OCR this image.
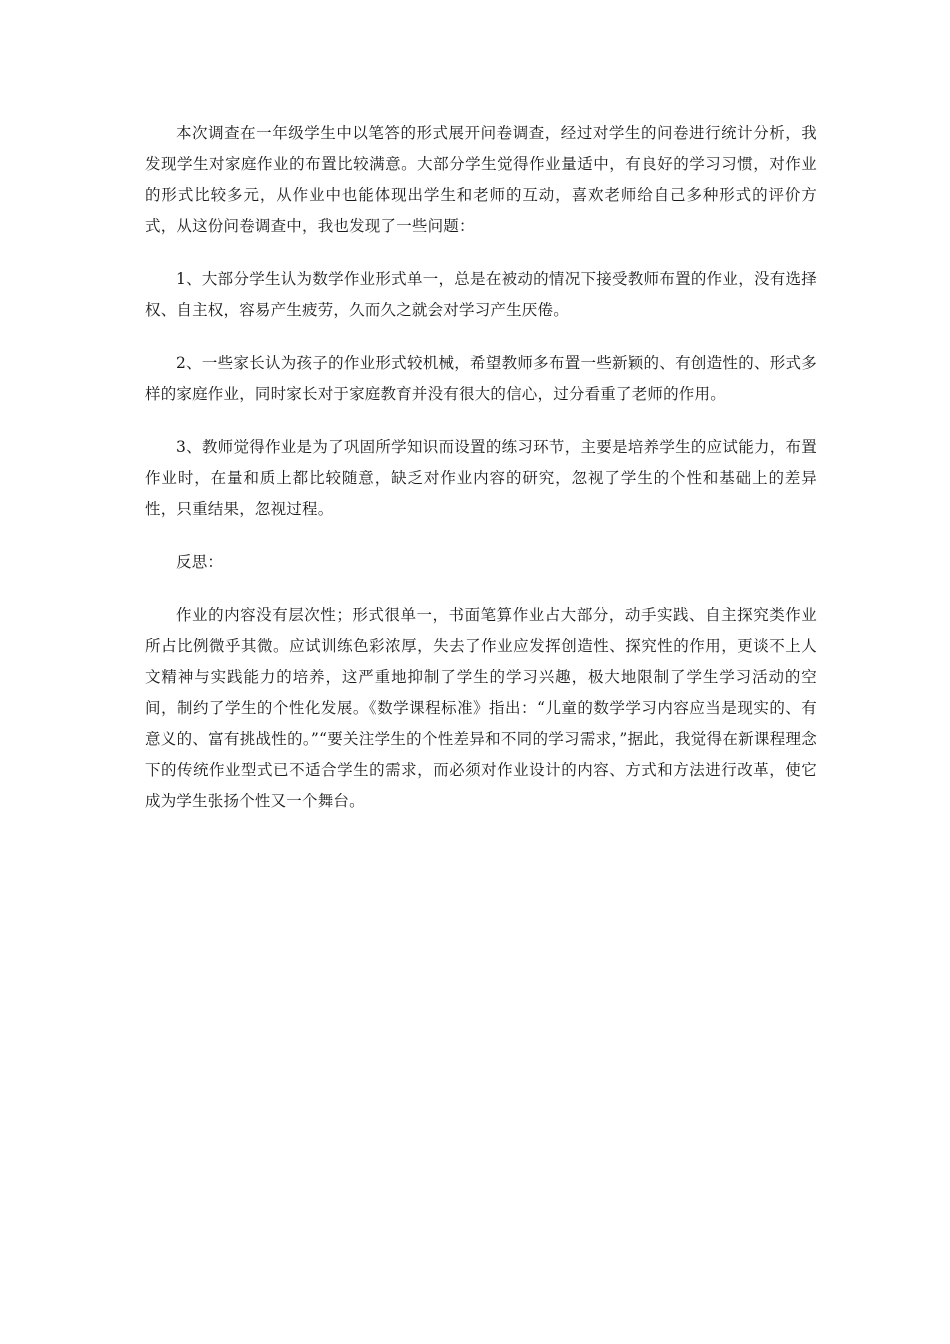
本次调查在一年级学生中以笔答的形式展开问卷调查，经过对学生的问卷进行统计分析，我发现学生对家庭作业的布置比较满意。大部分学生觉得作业量适中，有良好的学习习惯，对作业的形式比较多元，从作业中也能体现出学生和老师的互动，喜欢老师给自己多种形式的评价方式，从这份问卷调查中，我也发现了一些问题：

1、大部分学生认为数学作业形式单一，总是在被动的情况下接受教师布置的作业，没有选择权、自主权，容易产生疲劳，久而久之就会对学习产生厌倦。

2、一些家长认为孩子的作业形式较机械，希望教师多布置一些新颖的、有创造性的、形式多样的家庭作业，同时家长对于家庭教育并没有很大的信心，过分看重了老师的作用。

3、教师觉得作业是为了巩固所学知识而设置的练习环节，主要是培养学生的应试能力，布置作业时，在量和质上都比较随意，缺乏对作业内容的研究，忽视了学生的个性和基础上的差异性，只重结果，忽视过程。

反思：

作业的内容没有层次性；形式很单一，书面笔算作业占大部分，动手实践、自主探究类作业所占比例微乎其微。应试训练色彩浓厚，失去了作业应发挥创造性、探究性的作用，更谈不上人文精神与实践能力的培养，这严重地抑制了学生的学习兴趣，极大地限制了学生学习活动的空间，制约了学生的个性化发展。《数学课程标准》指出：“儿童的数学学习内容应当是现实的、有意义的、富有挑战性的。”“要关注学生的个性差异和不同的学习需求，”据此，我觉得在新课程理念下的传统作业型式已不适合学生的需求，而必须对作业设计的内容、方式和方法进行改革，使它成为学生张扬个性又一个舞台。
